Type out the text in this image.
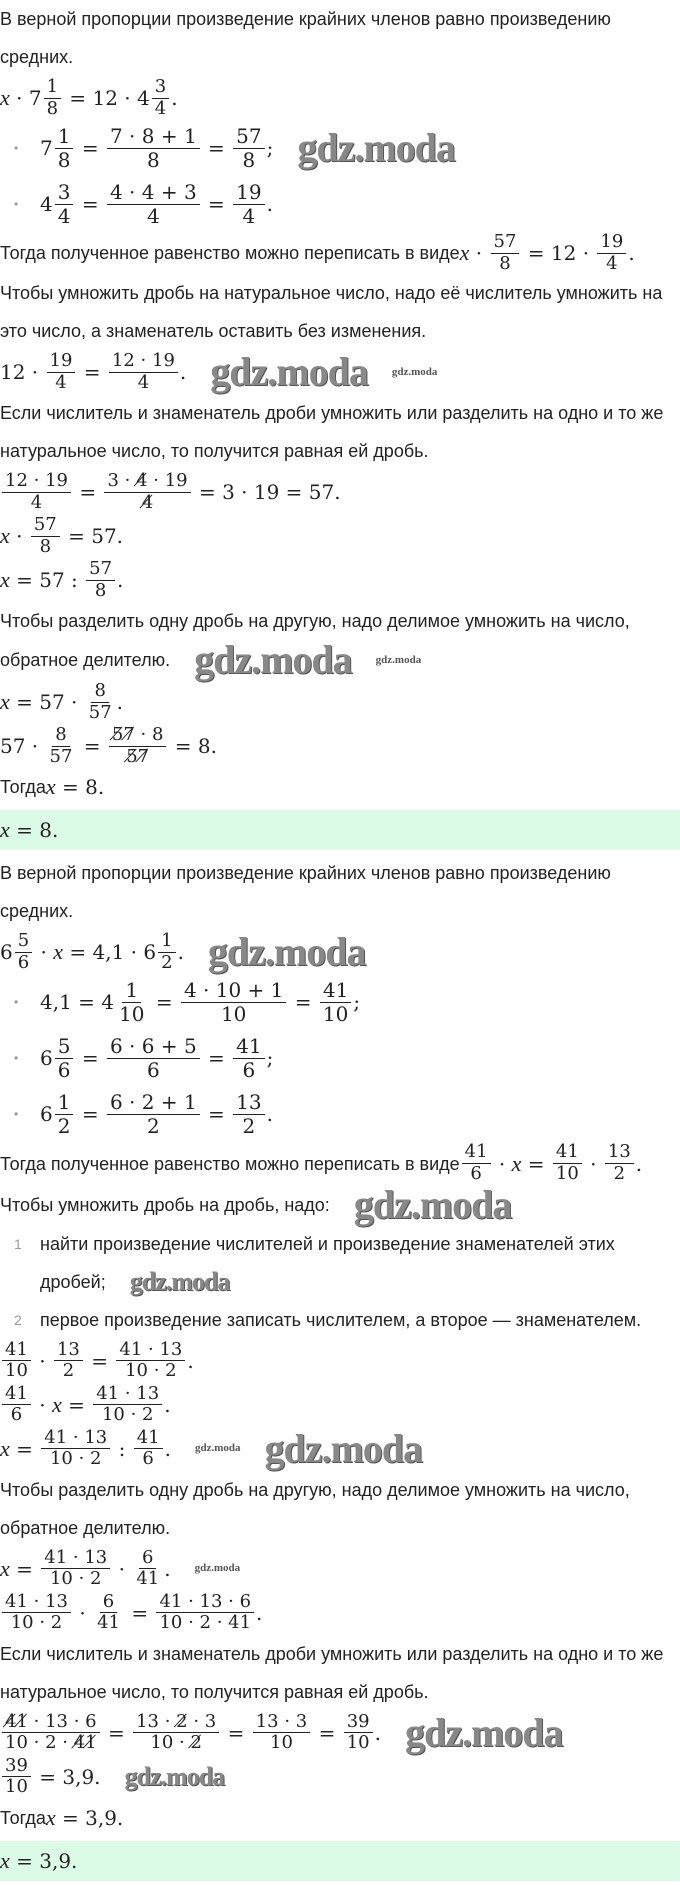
В верной пропорции произведение крайних членов равно произведению
средних.
$x \cdot 7 \frac{1}{8} = 12 \cdot 4 \frac{3}{4}$ .
•	$7 \frac{1}{8} = \frac{7 \cdot 8 + 1}{8} = \frac{57}{8}$ ; gdz.moda
•	$4 \frac{3}{4} = \frac{4 \cdot 4 + 3}{4} = \frac{19}{4}$ .
Тогда полученное равенство можно переписать в виде $x \cdot \frac{57}{8} = 12 \cdot \frac{19}{4}$ .
Чтобы умножить дробь на натуральное число, надо её числитель умножить на
это число, а знаменатель оставить без изменения.
$12 \cdot \frac{19}{4} = \frac{12 \cdot 19}{4}$ . gdz.moda gdz.moda
Если числитель и знаменатель дроби умножить или разделить на одно и то же
натуральное число, то получится равная ей дробь.
$\frac{12 \cdot 19}{4} = \frac{3 \cdot 4̸ \cdot 19}{4̸} = 3 \cdot 19 = 57$.
$x \cdot \frac{57}{8} = 57$.
x = 57 : $\frac{57}{8}$ .
Чтобы разделить одну дробь на другую, надо делимое умножить на число,
обратное делителю. gdz.moda gdz.moda
$x = 57 \cdot \frac{8}{57}$ .
$57 \cdot \frac{8}{57} = \frac{5̸7̸ \cdot 8}{5̸7̸} = 8$.
Тогда x = 8.
x = 8.
В верной пропорции произведение крайних членов равно произведению
средних.
$6 \frac{5}{6} \cdot x = 4,1 \cdot 6 \frac{1}{2}$ . gdz.moda
•	$4,1 = 4 \frac{1}{10} = \frac{4 \cdot 10 + 1}{10} = \frac{41}{10}$ ;
•	$6 \frac{5}{6} = \frac{6 \cdot 6 + 5}{6} = \frac{41}{6}$ ;
•	$6 \frac{1}{2} = \frac{6 \cdot 2 + 1}{2} = \frac{13}{2}$ .
Тогда полученное равенство можно переписать в виде $\frac{41}{6} \cdot x = \frac{41}{10} \cdot \frac{13}{2}$ .
Чтобы умножить дробь на дробь, надо: gdz.moda
1	найти произведение числителей и произведение знаменателей этих
дробей; gdz.moda
2	первое произведение записать числителем, а второе — знаменателем.
$\frac{41}{10} \cdot \frac{13}{2} = \frac{41 \cdot 13}{10 \cdot 2}$ .
$\frac{41}{6} \cdot x = \frac{41 \cdot 13}{10 \cdot 2}$ .
$x = \frac{41 \cdot 13}{10 \cdot 2}$ : $\frac{41}{6}$ . gdz.moda gdz.moda
Чтобы разделить одну дробь на другую, надо делимое умножить на число,
обратное делителю.
$x = \frac{41 \cdot 13}{10 \cdot 2} \cdot \frac{6}{41}$ . gdz.moda
$\frac{41 \cdot 13}{10 \cdot 2} \cdot \frac{6}{41} = \frac{41 \cdot 13 \cdot 6}{10 \cdot 2 \cdot 41}$ .
Если числитель и знаменатель дроби умножить или разделить на одно и то же
натуральное число, то получится равная ей дробь.
$\frac{4̸1̸ \cdot 13 \cdot 6}{10 \cdot 2 \cdot 4̸1̸} = \frac{13 \cdot 2̸ \cdot 3}{10 \cdot 2̸} = \frac{13 \cdot 3}{10} = \frac{39}{10}$ . gdz.moda
$\frac{39}{10} = 3,9$. gdz.moda
Тогда x = 3,9.
x = 3,9.
